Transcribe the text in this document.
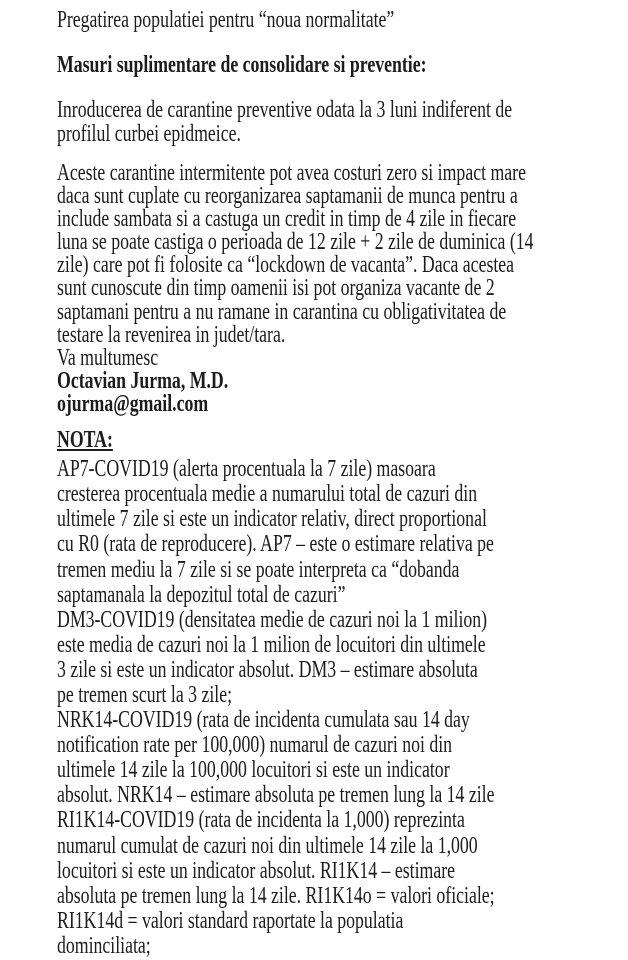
Pregatirea populatiei pentru “noua normalitate”
Masuri suplimentare de consolidare si preventie:
Inroducerea de carantine preventive odata la 3 luni indiferent de
profilul curbei epidmeice.
Aceste carantine intermitente pot avea costuri zero si impact mare
daca sunt cuplate cu reorganizarea saptamanii de munca pentru a
include sambata si a castuga un credit in timp de 4 zile in fiecare
luna se poate castiga o perioada de 12 zile + 2 zile de duminica (14
zile) care pot fi folosite ca “lockdown de vacanta”. Daca acestea
sunt cunoscute din timp oamenii isi pot organiza vacante de 2
saptamani pentru a nu ramane in carantina cu obligativitatea de
testare la revenirea in judet/tara.
Va multumesc
Octavian Jurma, M.D.
ojurma@gmail.com
NOTA:
AP7-COVID19 (alerta procentuala la 7 zile) masoara
cresterea procentuala medie a numarului total de cazuri din
ultimele 7 zile si este un indicator relativ, direct proportional
cu R0 (rata de reproducere). AP7 – este o estimare relativa pe
tremen mediu la 7 zile si se poate interpreta ca “dobanda
saptamanala la depozitul total de cazuri”
DM3-COVID19 (densitatea medie de cazuri noi la 1 milion)
este media de cazuri noi la 1 milion de locuitori din ultimele
3 zile si este un indicator absolut. DM3 – estimare absoluta
pe tremen scurt la 3 zile;
NRK14-COVID19 (rata de incidenta cumulata sau 14 day
notification rate per 100,000) numarul de cazuri noi din
ultimele 14 zile la 100,000 locuitori si este un indicator
absolut. NRK14 – estimare absoluta pe tremen lung la 14 zile
RI1K14-COVID19 (rata de incidenta la 1,000) reprezinta
numarul cumulat de cazuri noi din ultimele 14 zile la 1,000
locuitori si este un indicator absolut. RI1K14 – estimare
absoluta pe tremen lung la 14 zile. RI1K14o = valori oficiale;
RI1K14d = valori standard raportate la populatia
dominciliata;
